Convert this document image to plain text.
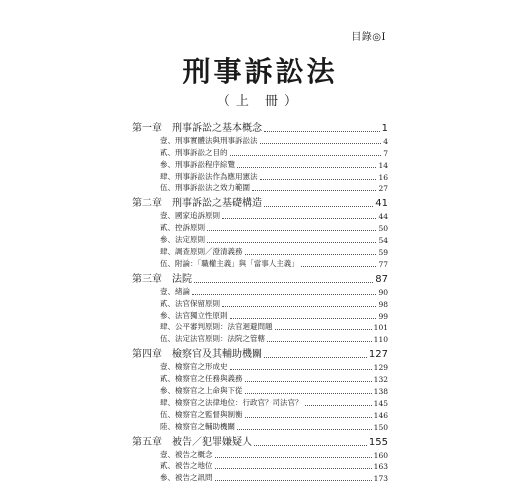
目錄◎I
刑事訴訟法
（上 冊）
第一章	刑事訴訟之基本概念	1
壹、刑事實體法與刑事訴訟法	4
貳、刑事訴訟之目的	7
參、刑事訴訟程序綜覽	14
肆、刑事訴訟法作為應用憲法	16
伍、刑事訴訟法之效力範圍	27
第二章	刑事訴訟之基礎構造	41
壹、國家追訴原則	44
貳、控訴原則	50
參、法定原則	54
肆、調查原則／澄清義務	59
伍、附論：「職權主義」與「當事人主義」	77
第三章	法院	87
壹、緒論	90
貳、法官保留原則	98
參、法官獨立性原則	99
肆、公平審判原則：法官迴避問題	101
伍、法定法官原則：法院之管轄	110
第四章	檢察官及其輔助機關	127
壹、檢察官之形成史	129
貳、檢察官之任務與義務	132
參、檢察官之上命與下從	138
肆、檢察官之法律地位：行政官？司法官？	145
伍、檢察官之監督與制衡	146
陸、檢察官之輔助機關	150
第五章	被告／犯罪嫌疑人	155
壹、被告之概念	160
貳、被告之地位	163
參、被告之訊問	173
